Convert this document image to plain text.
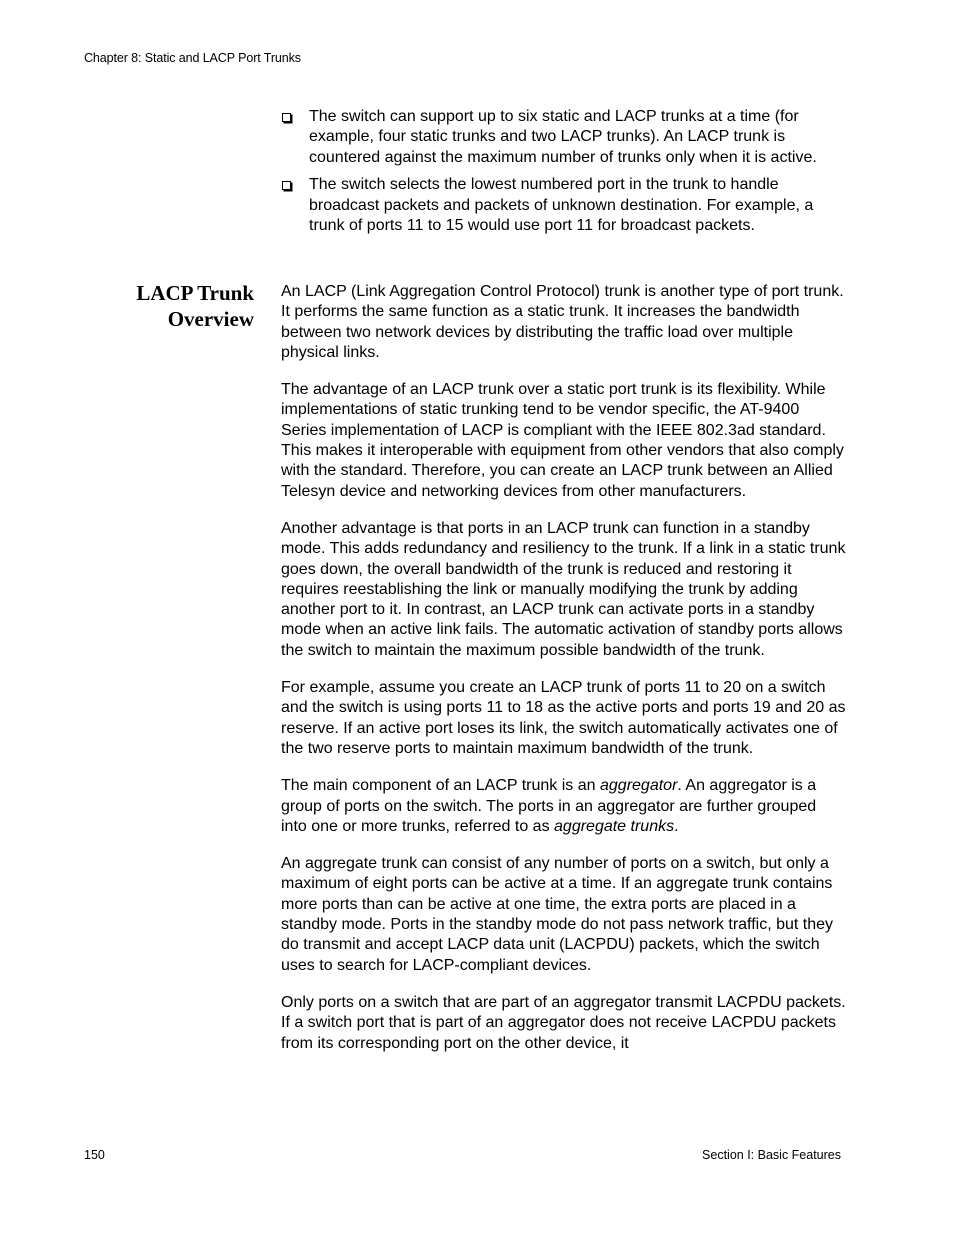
Chapter 8: Static and LACP Port Trunks
The switch can support up to six static and LACP trunks at a time (for example, four static trunks and two LACP trunks). An LACP trunk is countered against the maximum number of trunks only when it is active.
The switch selects the lowest numbered port in the trunk to handle broadcast packets and packets of unknown destination. For example, a trunk of ports 11 to 15 would use port 11 for broadcast packets.
LACP Trunk
Overview

An LACP (Link Aggregation Control Protocol) trunk is another type of port trunk. It performs the same function as a static trunk. It increases the bandwidth between two network devices by distributing the traffic load over multiple physical links.

The advantage of an LACP trunk over a static port trunk is its flexibility. While implementations of static trunking tend to be vendor specific, the AT-9400 Series implementation of LACP is compliant with the IEEE 802.3ad standard. This makes it interoperable with equipment from other vendors that also comply with the standard. Therefore, you can create an LACP trunk between an Allied Telesyn device and networking devices from other manufacturers.

Another advantage is that ports in an LACP trunk can function in a standby mode. This adds redundancy and resiliency to the trunk. If a link in a static trunk goes down, the overall bandwidth of the trunk is reduced and restoring it requires reestablishing the link or manually modifying the trunk by adding another port to it. In contrast, an LACP trunk can activate ports in a standby mode when an active link fails. The automatic activation of standby ports allows the switch to maintain the maximum possible bandwidth of the trunk.

For example, assume you create an LACP trunk of ports 11 to 20 on a switch and the switch is using ports 11 to 18 as the active ports and ports 19 and 20 as reserve. If an active port loses its link, the switch automatically activates one of the two reserve ports to maintain maximum bandwidth of the trunk.

The main component of an LACP trunk is an aggregator. An aggregator is a group of ports on the switch. The ports in an aggregator are further grouped into one or more trunks, referred to as aggregate trunks.

An aggregate trunk can consist of any number of ports on a switch, but only a maximum of eight ports can be active at a time. If an aggregate trunk contains more ports than can be active at one time, the extra ports are placed in a standby mode. Ports in the standby mode do not pass network traffic, but they do transmit and accept LACP data unit (LACPDU) packets, which the switch uses to search for LACP-compliant devices.

Only ports on a switch that are part of an aggregator transmit LACPDU packets. If a switch port that is part of an aggregator does not receive LACPDU packets from its corresponding port on the other device, it

150	Section I: Basic Features
